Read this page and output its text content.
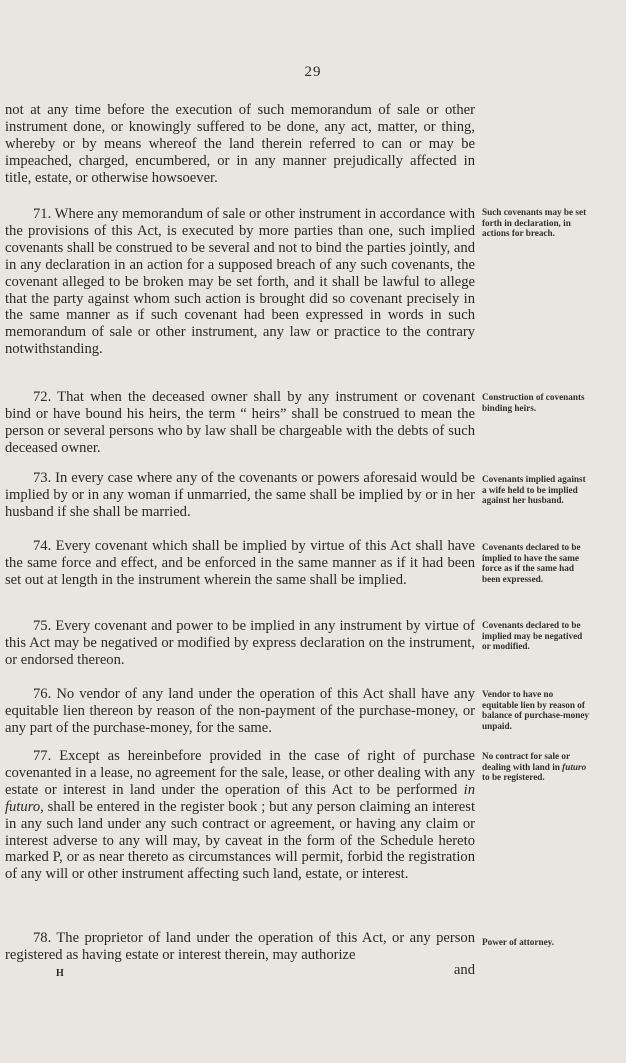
29

not at any time before the execution of such memorandum of sale or other instrument done, or knowingly suffered to be done, any act, matter, or thing, whereby or by means whereof the land therein referred to can or may be impeached, charged, encumbered, or in any manner prejudically affected in title, estate, or otherwise howsoever.

71. Where any memorandum of sale or other instrument in accordance with the provisions of this Act, is executed by more parties than one, such implied covenants shall be construed to be several and not to bind the parties jointly, and in any declaration in an action for a supposed breach of any such covenants, the covenant alleged to be broken may be set forth, and it shall be lawful to allege that the party against whom such action is brought did so covenant precisely in the same manner as if such covenant had been expressed in words in such memorandum of sale or other instrument, any law or practice to the contrary notwithstanding.

Such covenants may be set forth in declaration, in actions for breach.

72. That when the deceased owner shall by any instrument or covenant bind or have bound his heirs, the term “ heirs” shall be construed to mean the person or several persons who by law shall be chargeable with the debts of such deceased owner.

Construction of covenants binding heirs.

73. In every case where any of the covenants or powers aforesaid would be implied by or in any woman if unmarried, the same shall be implied by or in her husband if she shall be married.

Covenants implied against a wife held to be implied against her husband.

74. Every covenant which shall be implied by virtue of this Act shall have the same force and effect, and be enforced in the same manner as if it had been set out at length in the instrument wherein the same shall be implied.

Covenants declared to be implied to have the same force as if the same had been expressed.

75. Every covenant and power to be implied in any instrument by virtue of this Act may be negatived or modified by express declaration on the instrument, or endorsed thereon.

Covenants declared to be implied may be negatived or modified.

76. No vendor of any land under the operation of this Act shall have any equitable lien thereon by reason of the non-payment of the purchase-money, or any part of the purchase-money, for the same.

Vendor to have no equitable lien by reason of balance of purchase-money unpaid.

77. Except as hereinbefore provided in the case of right of purchase covenanted in a lease, no agreement for the sale, lease, or other dealing with any estate or interest in land under the operation of this Act to be performed in futuro, shall be entered in the register book ; but any person claiming an interest in any such land under any such contract or agreement, or having any claim or interest adverse to any will may, by caveat in the form of the Schedule hereto marked P, or as near thereto as circumstances will permit, forbid the registration of any will or other instrument affecting such land, estate, or interest.

No contract for sale or dealing with land in futuro to be registered.

78. The proprietor of land under the operation of this Act, or any person registered as having estate or interest therein, may authorize

Power of attorney.
H	and
